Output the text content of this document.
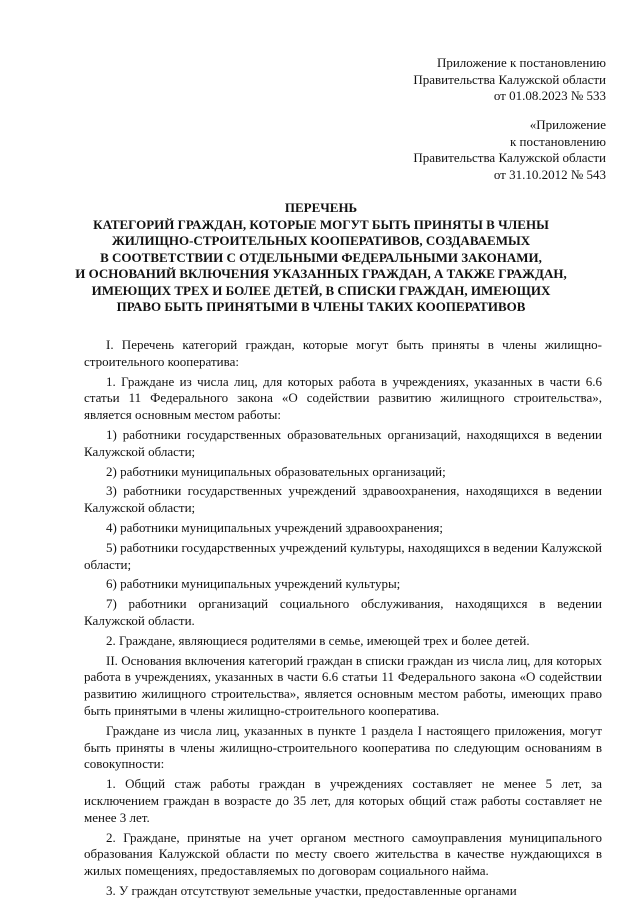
Приложение к постановлению
Правительства Калужской области
от 01.08.2023 № 533
«Приложение
к постановлению
Правительства Калужской области
от 31.10.2012 № 543
ПЕРЕЧЕНЬ
КАТЕГОРИЙ ГРАЖДАН, КОТОРЫЕ МОГУТ БЫТЬ ПРИНЯТЫ В ЧЛЕНЫ
ЖИЛИЩНО-СТРОИТЕЛЬНЫХ КООПЕРАТИВОВ, СОЗДАВАЕМЫХ
В СООТВЕТСТВИИ С ОТДЕЛЬНЫМИ ФЕДЕРАЛЬНЫМИ ЗАКОНАМИ,
И ОСНОВАНИЙ ВКЛЮЧЕНИЯ УКАЗАННЫХ ГРАЖДАН, А ТАКЖЕ ГРАЖДАН,
ИМЕЮЩИХ ТРЕХ И БОЛЕЕ ДЕТЕЙ, В СПИСКИ ГРАЖДАН, ИМЕЮЩИХ
ПРАВО БЫТЬ ПРИНЯТЫМИ В ЧЛЕНЫ ТАКИХ КООПЕРАТИВОВ

I. Перечень категорий граждан, которые могут быть приняты в члены жилищно-строительного кооператива:

1. Граждане из числа лиц, для которых работа в учреждениях, указанных в части 6.6 статьи 11 Федерального закона «О содействии развитию жилищного строительства», является основным местом работы:

1) работники государственных образовательных организаций, находящихся в ведении Калужской области;

2) работники муниципальных образовательных организаций;

3) работники государственных учреждений здравоохранения, находящихся в ведении Калужской области;

4) работники муниципальных учреждений здравоохранения;

5) работники государственных учреждений культуры, находящихся в ведении Калужской области;

6) работники муниципальных учреждений культуры;

7) работники организаций социального обслуживания, находящихся в ведении Калужской области.

2. Граждане, являющиеся родителями в семье, имеющей трех и более детей.

II. Основания включения категорий граждан в списки граждан из числа лиц, для которых работа в учреждениях, указанных в части 6.6 статьи 11 Федерального закона «О содействии развитию жилищного строительства», является основным местом работы, имеющих право быть принятыми в члены жилищно-строительного кооператива.

Граждане из числа лиц, указанных в пункте 1 раздела I настоящего приложения, могут быть приняты в члены жилищно-строительного кооператива по следующим основаниям в совокупности:

1. Общий стаж работы граждан в учреждениях составляет не менее 5 лет, за исключением граждан в возрасте до 35 лет, для которых общий стаж работы составляет не менее 3 лет.

2. Граждане, принятые на учет органом местного самоуправления муниципального образования Калужской области по месту своего жительства в качестве нуждающихся в жилых помещениях, предоставляемых по договорам социального найма.

3. У граждан отсутствуют земельные участки, предоставленные органами
